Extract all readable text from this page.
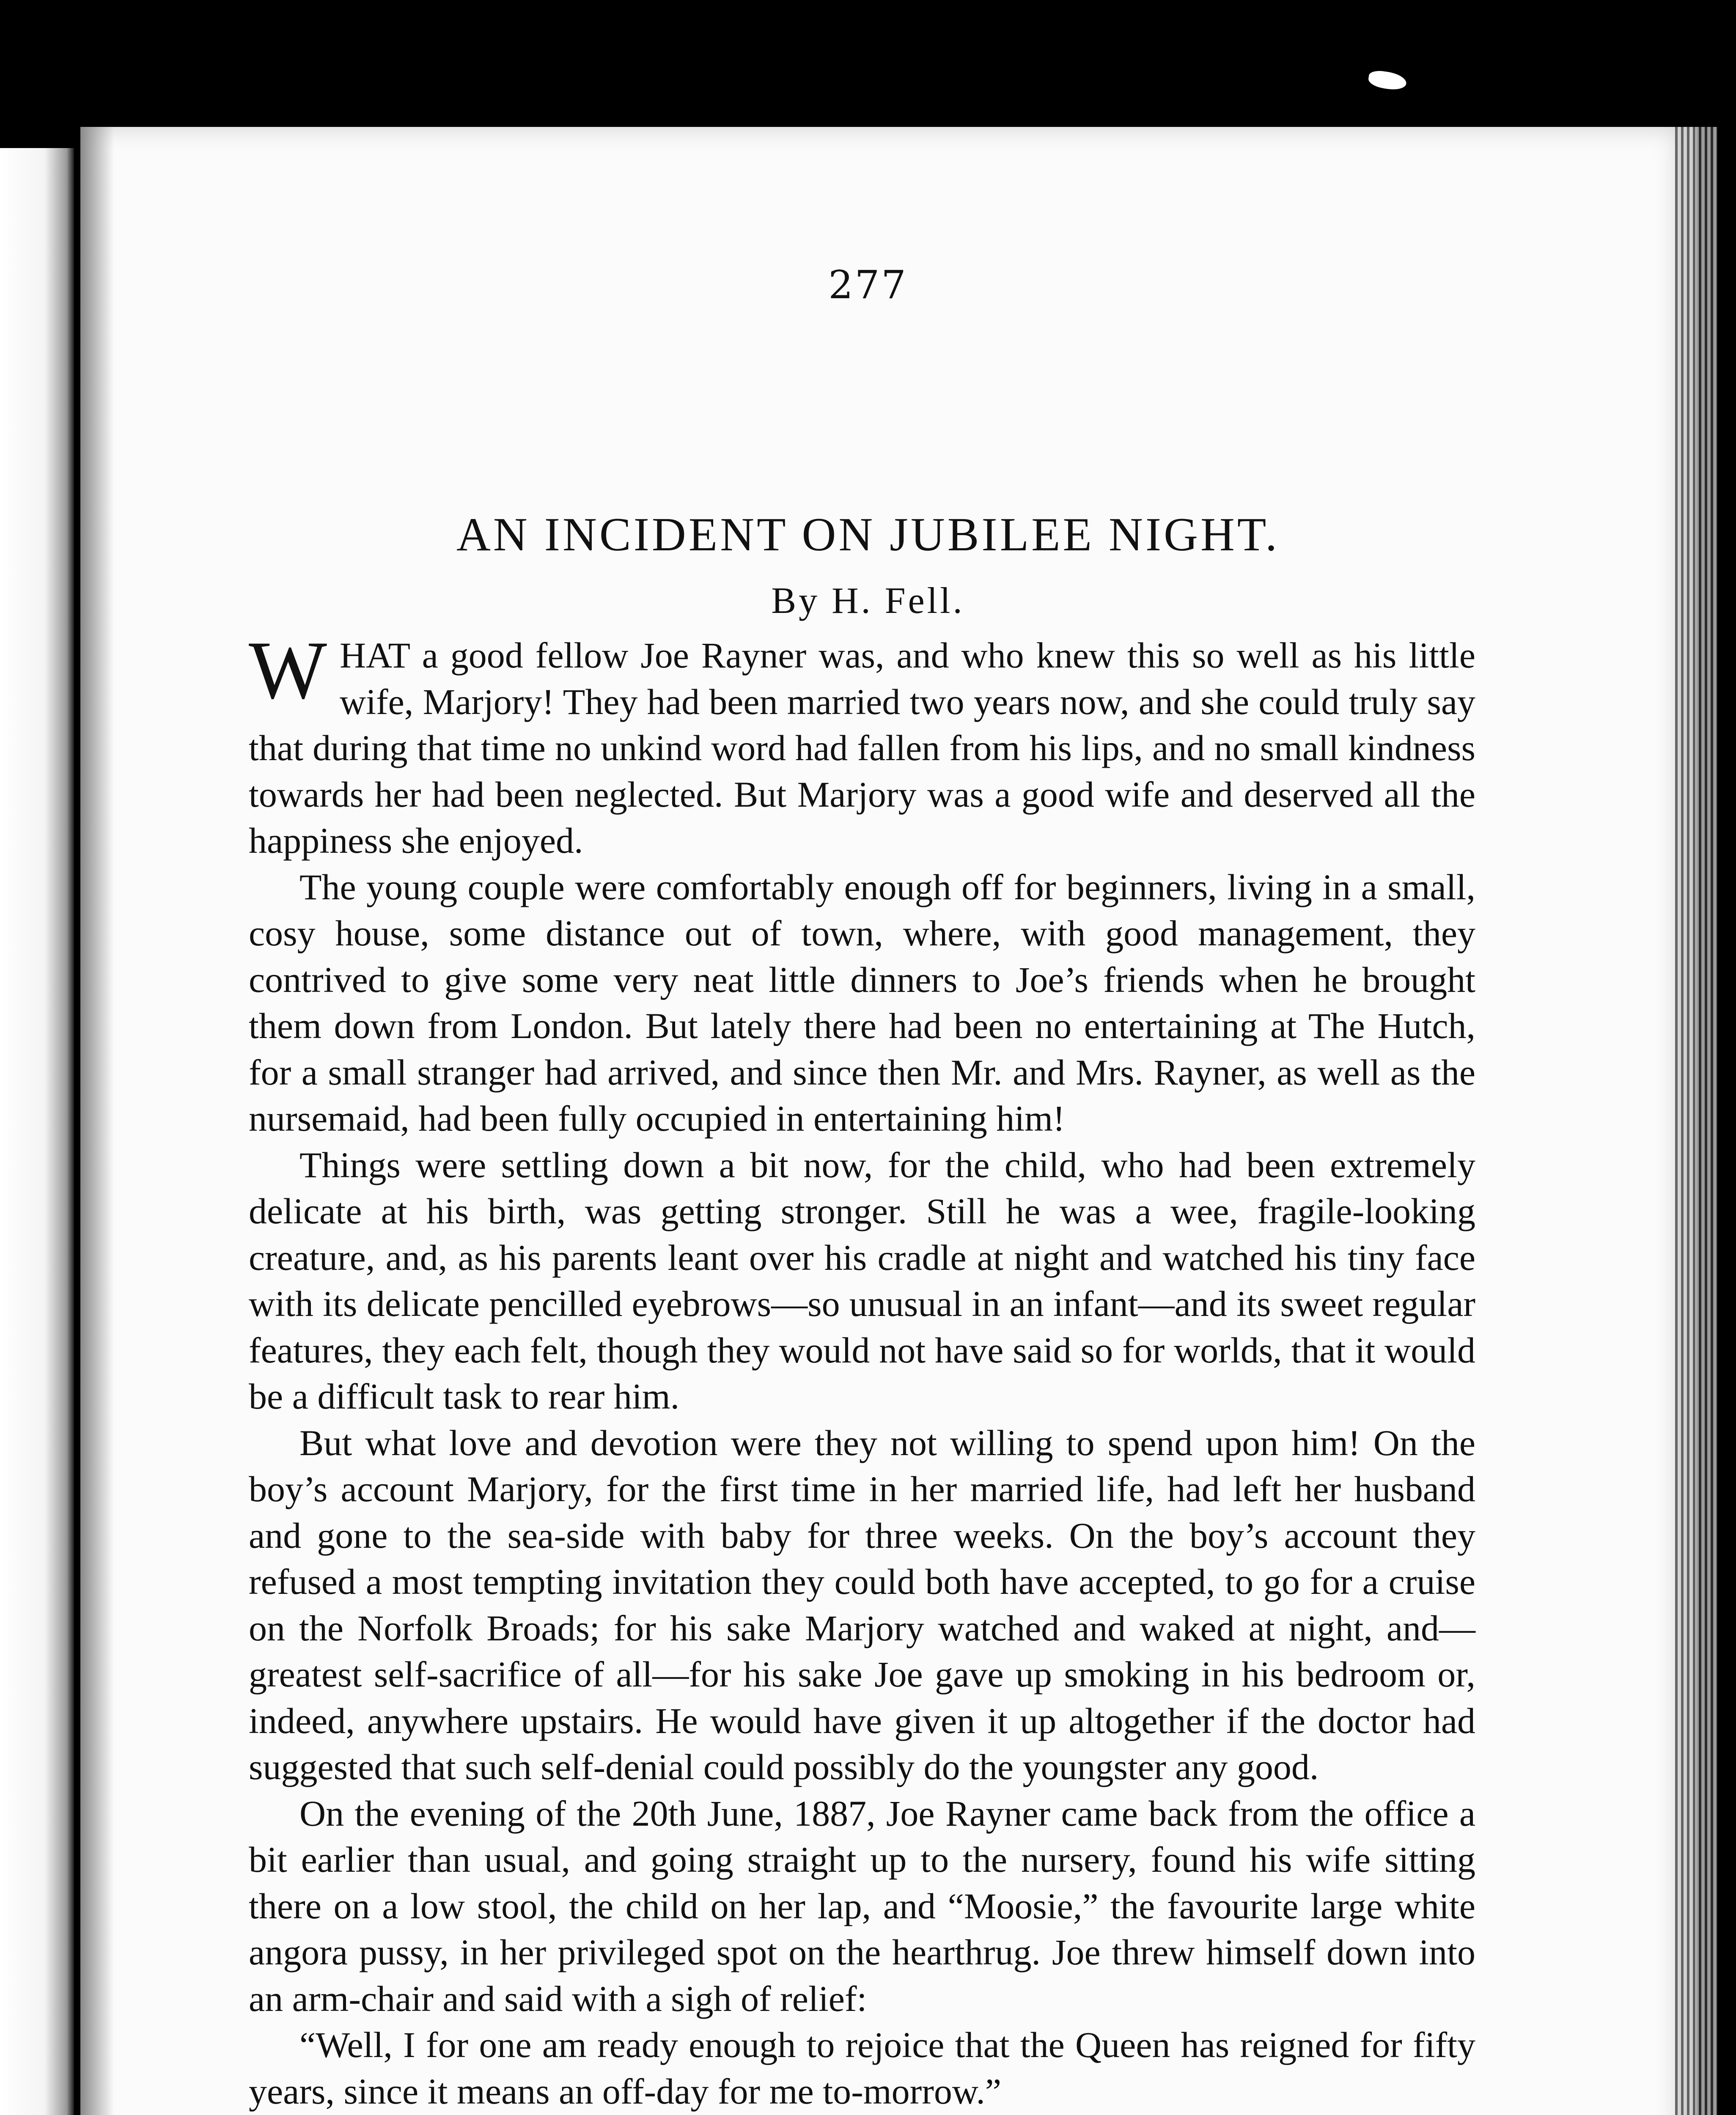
277
AN INCIDENT ON JUBILEE NIGHT.
By H. Fell.

WHAT a good fellow Joe Rayner was, and who knew this so well as his little wife, Marjory! They had been married two years now, and she could truly say that during that time no unkind word had fallen from his lips, and no small kindness towards her had been neglected. But Marjory was a good wife and deserved all the happiness she enjoyed.

The young couple were comfortably enough off for beginners, living in a small, cosy house, some distance out of town, where, with good management, they contrived to give some very neat little dinners to Joe’s friends when he brought them down from London. But lately there had been no entertaining at The Hutch, for a small stranger had arrived, and since then Mr. and Mrs. Rayner, as well as the nursemaid, had been fully occupied in entertaining him!

Things were settling down a bit now, for the child, who had been extremely delicate at his birth, was getting stronger. Still he was a wee, fragile-looking creature, and, as his parents leant over his cradle at night and watched his tiny face with its delicate pencilled eyebrows—so unusual in an infant—and its sweet regular features, they each felt, though they would not have said so for worlds, that it would be a difficult task to rear him.

But what love and devotion were they not willing to spend upon him! On the boy’s account Marjory, for the first time in her married life, had left her husband and gone to the sea-side with baby for three weeks. On the boy’s account they refused a most tempting invitation they could both have accepted, to go for a cruise on the Norfolk Broads; for his sake Marjory watched and waked at night, and—greatest self-sacrifice of all—for his sake Joe gave up smoking in his bedroom or, indeed, anywhere upstairs. He would have given it up altogether if the doctor had suggested that such self-denial could possibly do the youngster any good.

On the evening of the 20th June, 1887, Joe Rayner came back from the office a bit earlier than usual, and going straight up to the nursery, found his wife sitting there on a low stool, the child on her lap, and “Moosie,” the favourite large white angora pussy, in her privileged spot on the hearthrug. Joe threw himself down into an arm-chair and said with a sigh of relief:

“Well, I for one am ready enough to rejoice that the Queen has reigned for fifty years, since it means an off-day for me to-morrow.”
